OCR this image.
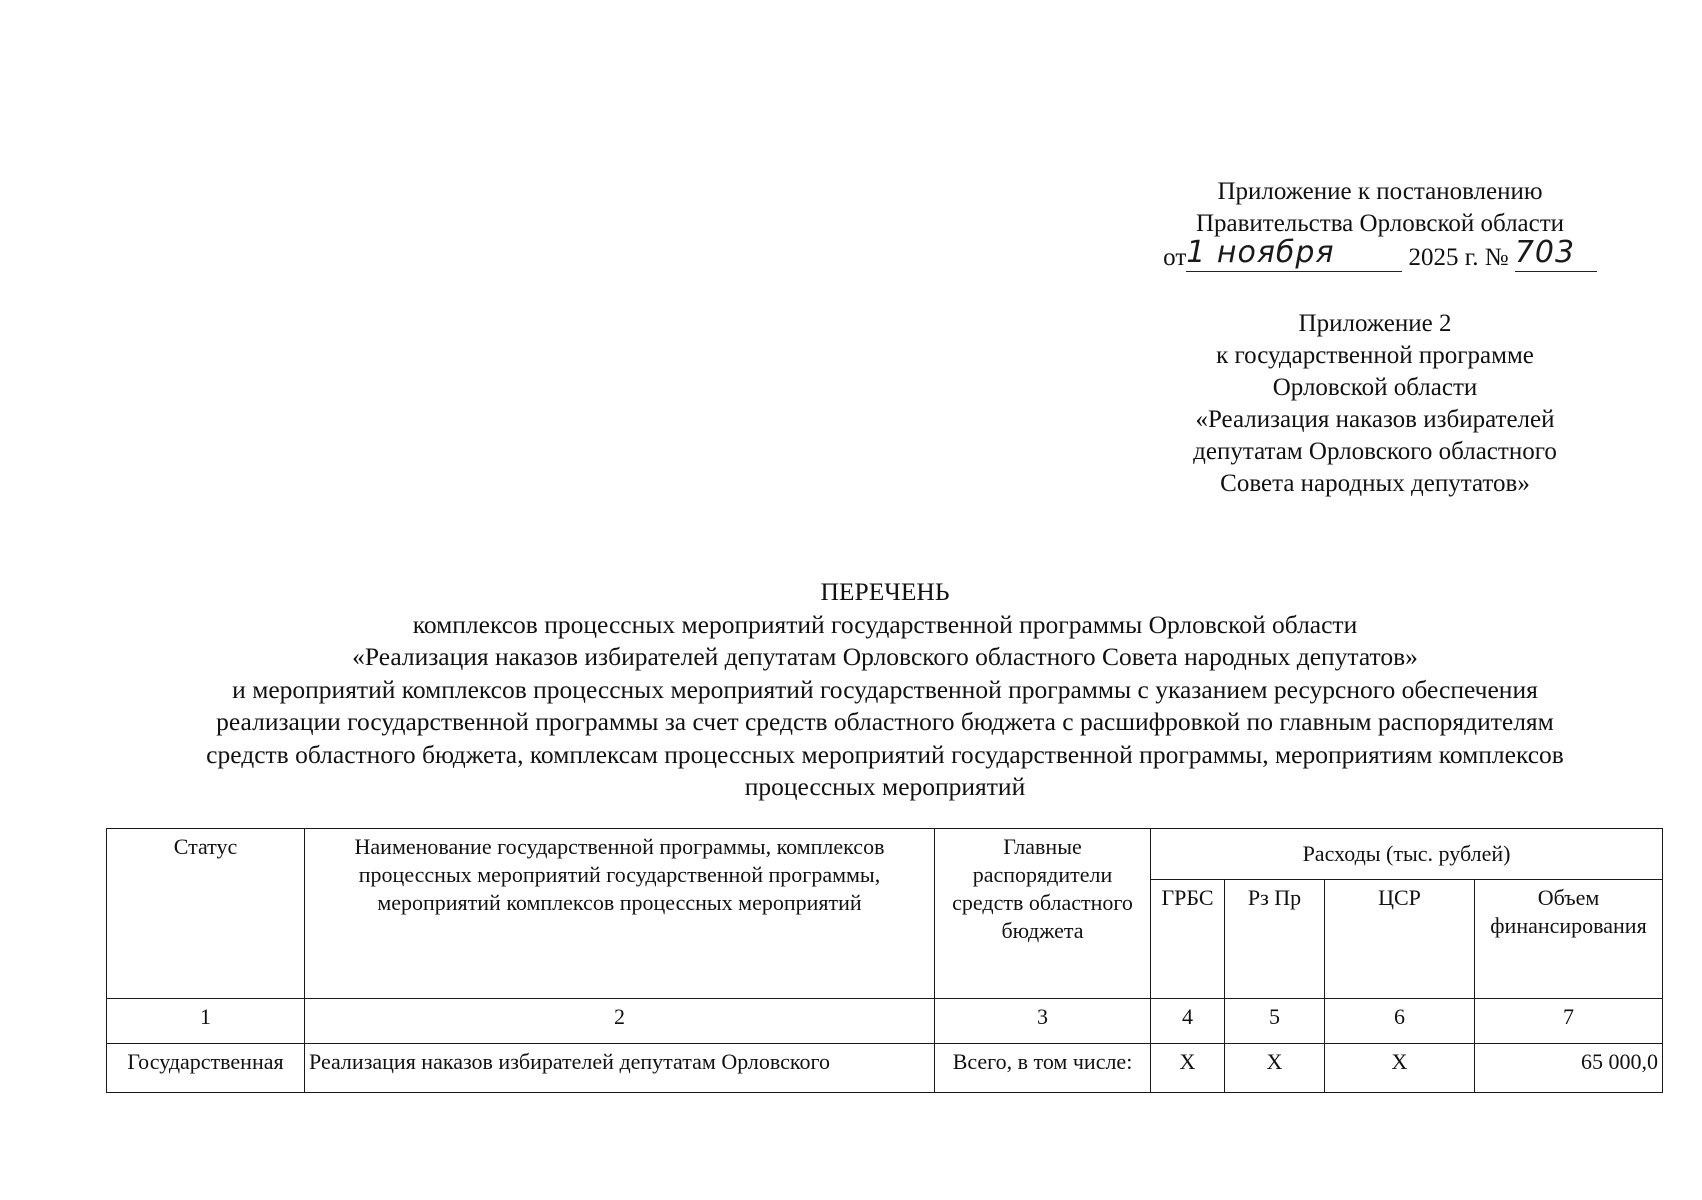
Приложение к постановлению
Правительства Орловской области
от
1 ноября	2025 г. № 703
Приложение 2
к государственной программе
Орловской области
«Реализация наказов избирателей
депутатам Орловского областного
Совета народных депутатов»
ПЕРЕЧЕНЬ
комплексов процессных мероприятий государственной программы Орловской области
«Реализация наказов избирателей депутатам Орловского областного Совета народных депутатов»
и мероприятий комплексов процессных мероприятий государственной программы с указанием ресурсного обеспечения
реализации государственной программы за счет средств областного бюджета с расшифровкой по главным распорядителям
средств областного бюджета, комплексам процессных мероприятий государственной программы, мероприятиям комплексов
процессных мероприятий
Статус	Наименование государственной программы, комплексов процессных мероприятий государственной программы, мероприятий комплексов процессных мероприятий	Главные распорядители средств областного бюджета	Расходы (тыс. рублей)			
			ГРБС	Рз Пр	ЦСР	Объем финансирования
1	2	3	4	5	6	7
Государственная	Реализация наказов избирателей депутатам Орловского	Всего, в том числе:	Х	Х	Х	65 000,0
